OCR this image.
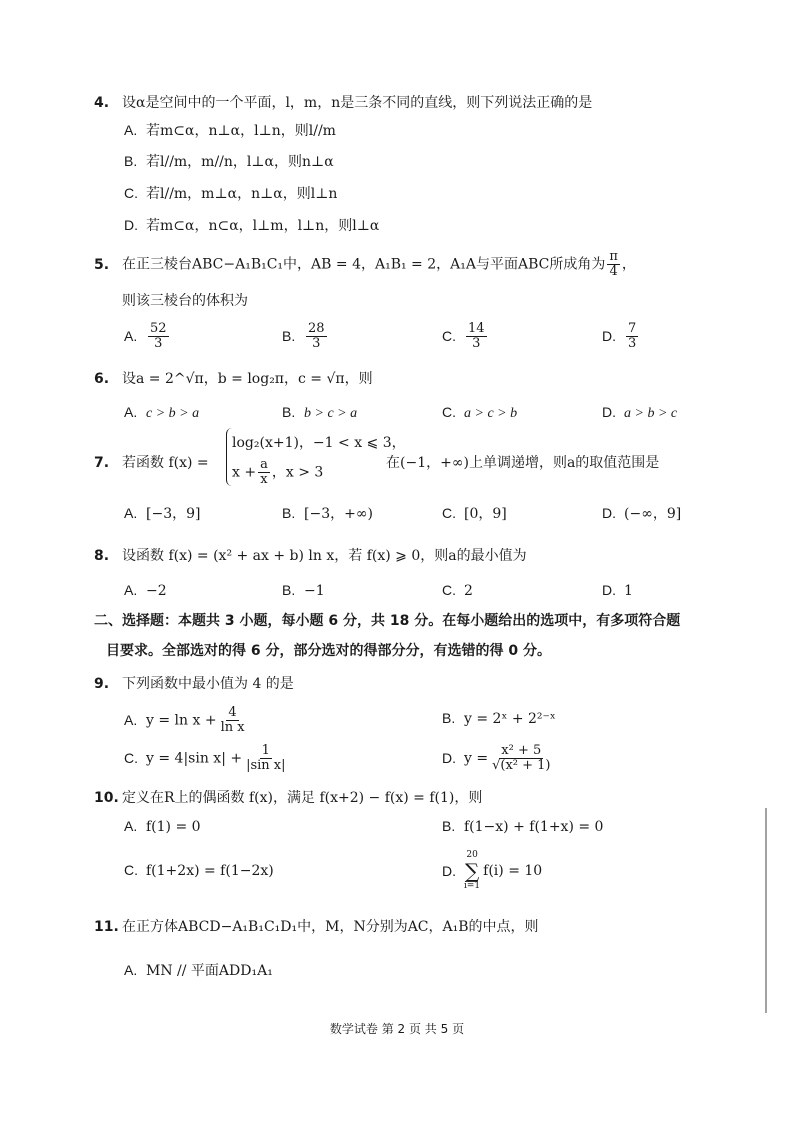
4. 设α是空间中的一个平面，l，m，n是三条不同的直线，则下列说法正确的是
A. 若m⊂α，n⊥α，l⊥n，则l//m
B. 若l//m，m//n，l⊥α，则n⊥α
C. 若l//m，m⊥α，n⊥α，则l⊥n
D. 若m⊂α，n⊂α，l⊥m，l⊥n，则l⊥α
5. 在正三棱台ABC−A₁B₁C₁中，AB = 4，A₁B₁ = 2，A₁A与平面ABC所成角为 $\frac{\pi}{4}$ ，
则该三棱台的体积为
A. $\frac{52}{3}$	B. $\frac{28}{3}$	C. $\frac{14}{3}$	D. $\frac{7}{3}$
6. 设a = 2^√π，b = log₂π，c = √π，则
A. c > b > a	B. b > c > a	C. a > c > b	D. a > b > c
7. 若函数 f(x) =
log₂(x+1)，−1 < x ⩽ 3，
$x + \frac{a}{x}$ ，x > 3
在(−1，+∞)上单调递增，则a的取值范围是
A. [−3，9]	B. [−3，+∞)	C. [0，9]	D. (−∞，9]
8. 设函数 f(x) = (x² + ax + b) ln x，若 f(x) ⩾ 0，则a的最小值为
A. −2	B. −1	C. 2	D. 1
二、选择题：本题共 3 小题，每小题 6 分，共 18 分。在每小题给出的选项中，有多项符合题
目要求。全部选对的得 6 分，部分选对的得部分分，有选错的得 0 分。
9. 下列函数中最小值为 4 的是
A. $y = \ln x + \frac{4}{\text{ln x}}$	B. y = 2ˣ + 2²⁻ˣ
C. y = 4|sin $x| + \frac{1}{\text{|sin x|}}$	D. $y = \frac{\text{x² + 5}}{\text{√(x² + 1)}}$
10. 定义在R上的偶函数 f(x)，满足 f(x+2) − f(x) = f(1)，则
A. f(1) = 0	B. f(1−x) + f(1+x) = 0
C. f(1+2x) = f(1−2x)	D.
20
∑
i=1
f(i) = 10
11. 在正方体ABCD−A₁B₁C₁D₁中，M，N分别为AC，A₁B的中点，则
A. MN // 平面ADD₁A₁
数学试卷 第 2 页 共 5 页
